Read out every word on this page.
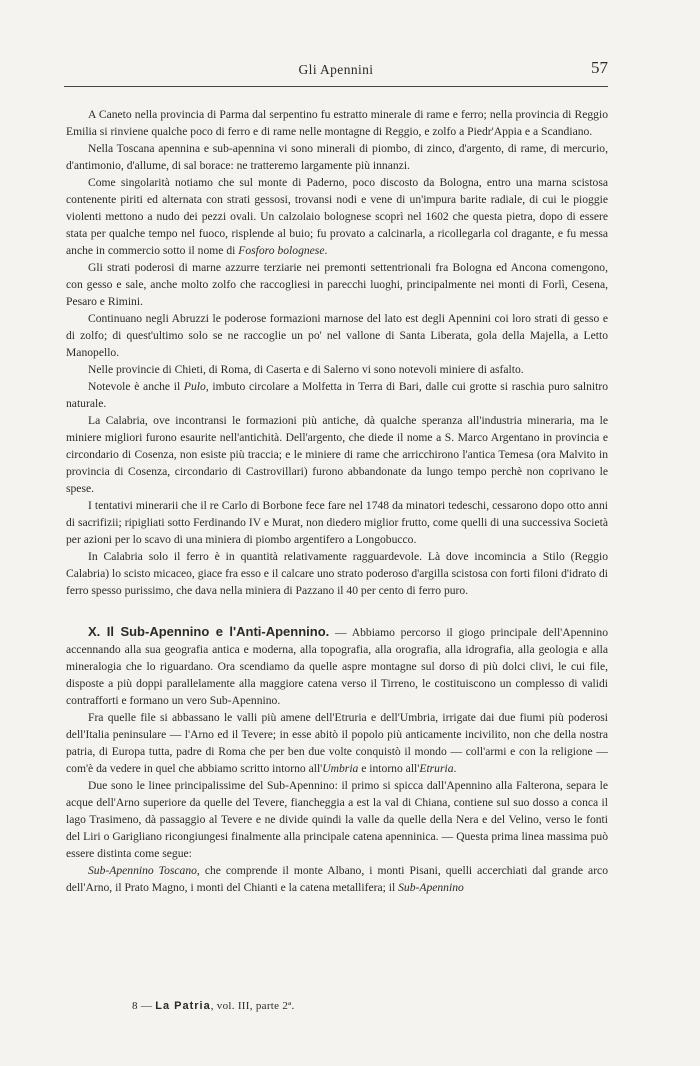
Gli Apennini	57

A Caneto nella provincia di Parma dal serpentino fu estratto minerale di rame e ferro; nella provincia di Reggio Emilia si rinviene qualche poco di ferro e di rame nelle montagne di Reggio, e zolfo a Piedr'Appia e a Scandiano.

Nella Toscana apennina e sub-apennina vi sono minerali di piombo, di zinco, d'argento, di rame, di mercurio, d'antimonio, d'allume, di sal borace: ne tratteremo largamente più innanzi.

Come singolarità notiamo che sul monte di Paderno, poco discosto da Bologna, entro una marna scistosa contenente piriti ed alternata con strati gessosi, trovansi nodi e vene di un'impura barite radiale, di cui le pioggie violenti mettono a nudo dei pezzi ovali. Un calzolaio bolognese scoprì nel 1602 che questa pietra, dopo di essere stata per qualche tempo nel fuoco, risplende al buio; fu provato a calcinarla, a ricollegarla col dragante, e fu messa anche in commercio sotto il nome di Fosforo bolognese.

Gli strati poderosi di marne azzurre terziarie nei premonti settentrionali fra Bologna ed Ancona comengono, con gesso e sale, anche molto zolfo che raccogliesi in parecchi luoghi, principalmente nei monti di Forlì, Cesena, Pesaro e Rimini.

Continuano negli Abruzzi le poderose formazioni marnose del lato est degli Apennini coi loro strati di gesso e di zolfo; di quest'ultimo solo se ne raccoglie un po' nel vallone di Santa Liberata, gola della Majella, a Letto Manopello.

Nelle provincie di Chieti, di Roma, di Caserta e di Salerno vi sono notevoli miniere di asfalto.

Notevole è anche il Pulo, imbuto circolare a Molfetta in Terra di Bari, dalle cui grotte si raschia puro salnitro naturale.

La Calabria, ove incontransi le formazioni più antiche, dà qualche speranza all'industria mineraria, ma le miniere migliori furono esaurite nell'antichità. Dell'argento, che diede il nome a S. Marco Argentano in provincia e circondario di Cosenza, non esiste più traccia; e le miniere di rame che arricchirono l'antica Temesa (ora Malvito in provincia di Cosenza, circondario di Castrovillari) furono abbandonate da lungo tempo perchè non coprivano le spese.

I tentativi minerarii che il re Carlo di Borbone fece fare nel 1748 da minatori tedeschi, cessarono dopo otto anni di sacrifizii; ripigliati sotto Ferdinando IV e Murat, non diedero miglior frutto, come quelli di una successiva Società per azioni per lo scavo di una miniera di piombo argentifero a Longobucco.

In Calabria solo il ferro è in quantità relativamente ragguardevole. Là dove incomincia a Stilo (Reggio Calabria) lo scisto micaceo, giace fra esso e il calcare uno strato poderoso d'argilla scistosa con forti filoni d'idrato di ferro spesso purissimo, che dava nella miniera di Pazzano il 40 per cento di ferro puro.

X. Il Sub-Apennino e l'Anti-Apennino. — Abbiamo percorso il giogo principale dell'Apennino accennando alla sua geografia antica e moderna, alla topografia, alla orografia, alla idrografia, alla geologia e alla mineralogia che lo riguardano. Ora scendiamo da quelle aspre montagne sul dorso di più dolci clivi, le cui file, disposte a più doppi parallelamente alla maggiore catena verso il Tirreno, le costituiscono un complesso di validi contrafforti e formano un vero Sub-Apennino.

Fra quelle file si abbassano le valli più amene dell'Etruria e dell'Umbria, irrigate dai due fiumi più poderosi dell'Italia peninsulare — l'Arno ed il Tevere; in esse abitò il popolo più anticamente incivilito, non che della nostra patria, di Europa tutta, padre di Roma che per ben due volte conquistò il mondo — coll'armi e con la religione — com'è da vedere in quel che abbiamo scritto intorno all'Umbria e intorno all'Etruria.

Due sono le linee principalissime del Sub-Apennino: il primo si spicca dall'Apennino alla Falterona, separa le acque dell'Arno superiore da quelle del Tevere, fiancheggia a est la val di Chiana, contiene sul suo dosso a conca il lago Trasimeno, dà passaggio al Tevere e ne divide quindi la valle da quelle della Nera e del Velino, verso le fonti del Liri o Garigliano ricongiungesi finalmente alla principale catena apenninica. — Questa prima linea massima può essere distinta come segue:

Sub-Apennino Toscano, che comprende il monte Albano, i monti Pisani, quelli accerchiati dal grande arco dell'Arno, il Prato Magno, i monti del Chianti e la catena metallifera; il Sub-Apennino

8 — La Patria, vol. III, parte 2ª.
